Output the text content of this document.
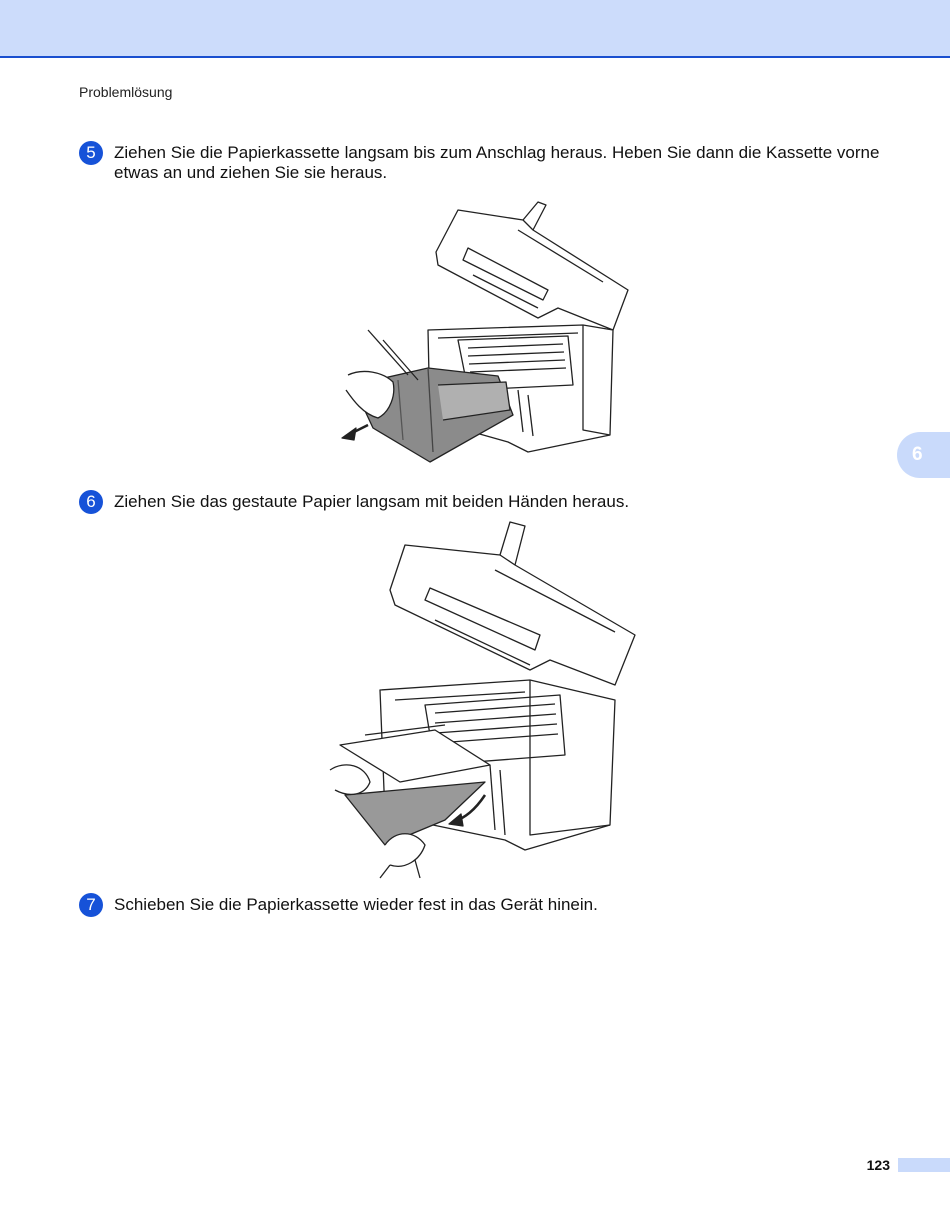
Problemlösung
5	Ziehen Sie die Papierkassette langsam bis zum Anschlag heraus. Heben Sie dann die Kassette vorne etwas an und ziehen Sie sie heraus.
6	Ziehen Sie das gestaute Papier langsam mit beiden Händen heraus.
7	Schieben Sie die Papierkassette wieder fest in das Gerät hinein.
6
123
